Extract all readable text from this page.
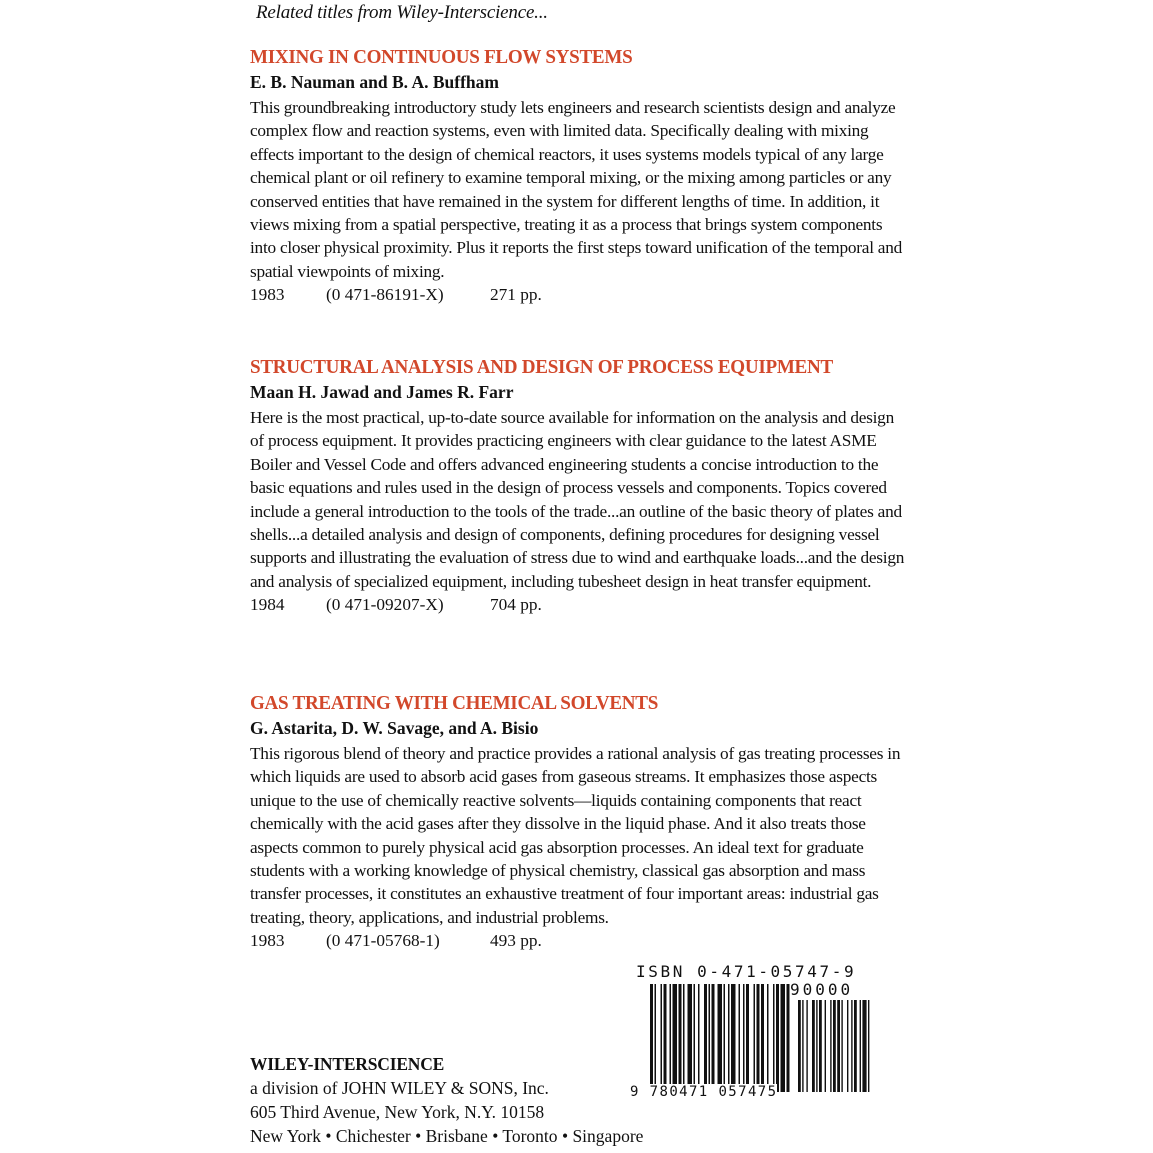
Related titles from Wiley-Interscience...
MIXING IN CONTINUOUS FLOW SYSTEMS
E. B. Nauman and B. A. Buffham
This groundbreaking introductory study lets engineers and research scientists design and analyze complex flow and reaction systems, even with limited data. Specifically dealing with mixing effects important to the design of chemical reactors, it uses systems models typical of any large chemical plant or oil refinery to examine temporal mixing, or the mixing among particles or any conserved entities that have remained in the system for different lengths of time. In addition, it views mixing from a spatial perspective, treating it as a process that brings system components into closer physical proximity. Plus it reports the first steps toward unification of the temporal and spatial viewpoints of mixing.
1983 (0 471-86191-X)	271 pp.
STRUCTURAL ANALYSIS AND DESIGN OF PROCESS EQUIPMENT
Maan H. Jawad and James R. Farr
Here is the most practical, up-to-date source available for information on the analysis and design of process equipment. It provides practicing engineers with clear guidance to the latest ASME Boiler and Vessel Code and offers advanced engineering students a concise introduction to the basic equations and rules used in the design of process vessels and components. Topics covered include a general introduction to the tools of the trade...an outline of the basic theory of plates and shells...a detailed analysis and design of components, defining procedures for designing vessel supports and illustrating the evaluation of stress due to wind and earthquake loads...and the design and analysis of specialized equipment, including tubesheet design in heat transfer equipment.
1984 (0 471-09207-X)	704 pp.
GAS TREATING WITH CHEMICAL SOLVENTS
G. Astarita, D. W. Savage, and A. Bisio
This rigorous blend of theory and practice provides a rational analysis of gas treating processes in which liquids are used to absorb acid gases from gaseous streams. It emphasizes those aspects unique to the use of chemically reactive solvents—liquids containing components that react chemically with the acid gases after they dissolve in the liquid phase. And it also treats those aspects common to purely physical acid gas absorption processes. An ideal text for graduate students with a working knowledge of physical chemistry, classical gas absorption and mass transfer processes, it constitutes an exhaustive treatment of four important areas: industrial gas treating, theory, applications, and industrial problems.
1983 (0 471-05768-1)	493 pp.
WILEY-INTERSCIENCE
a division of JOHN WILEY & SONS, Inc.
605 Third Avenue, New York, N.Y. 10158
New York • Chichester • Brisbane • Toronto • Singapore
ISBN 0-471-05747-9
90000
9 780471 057475
